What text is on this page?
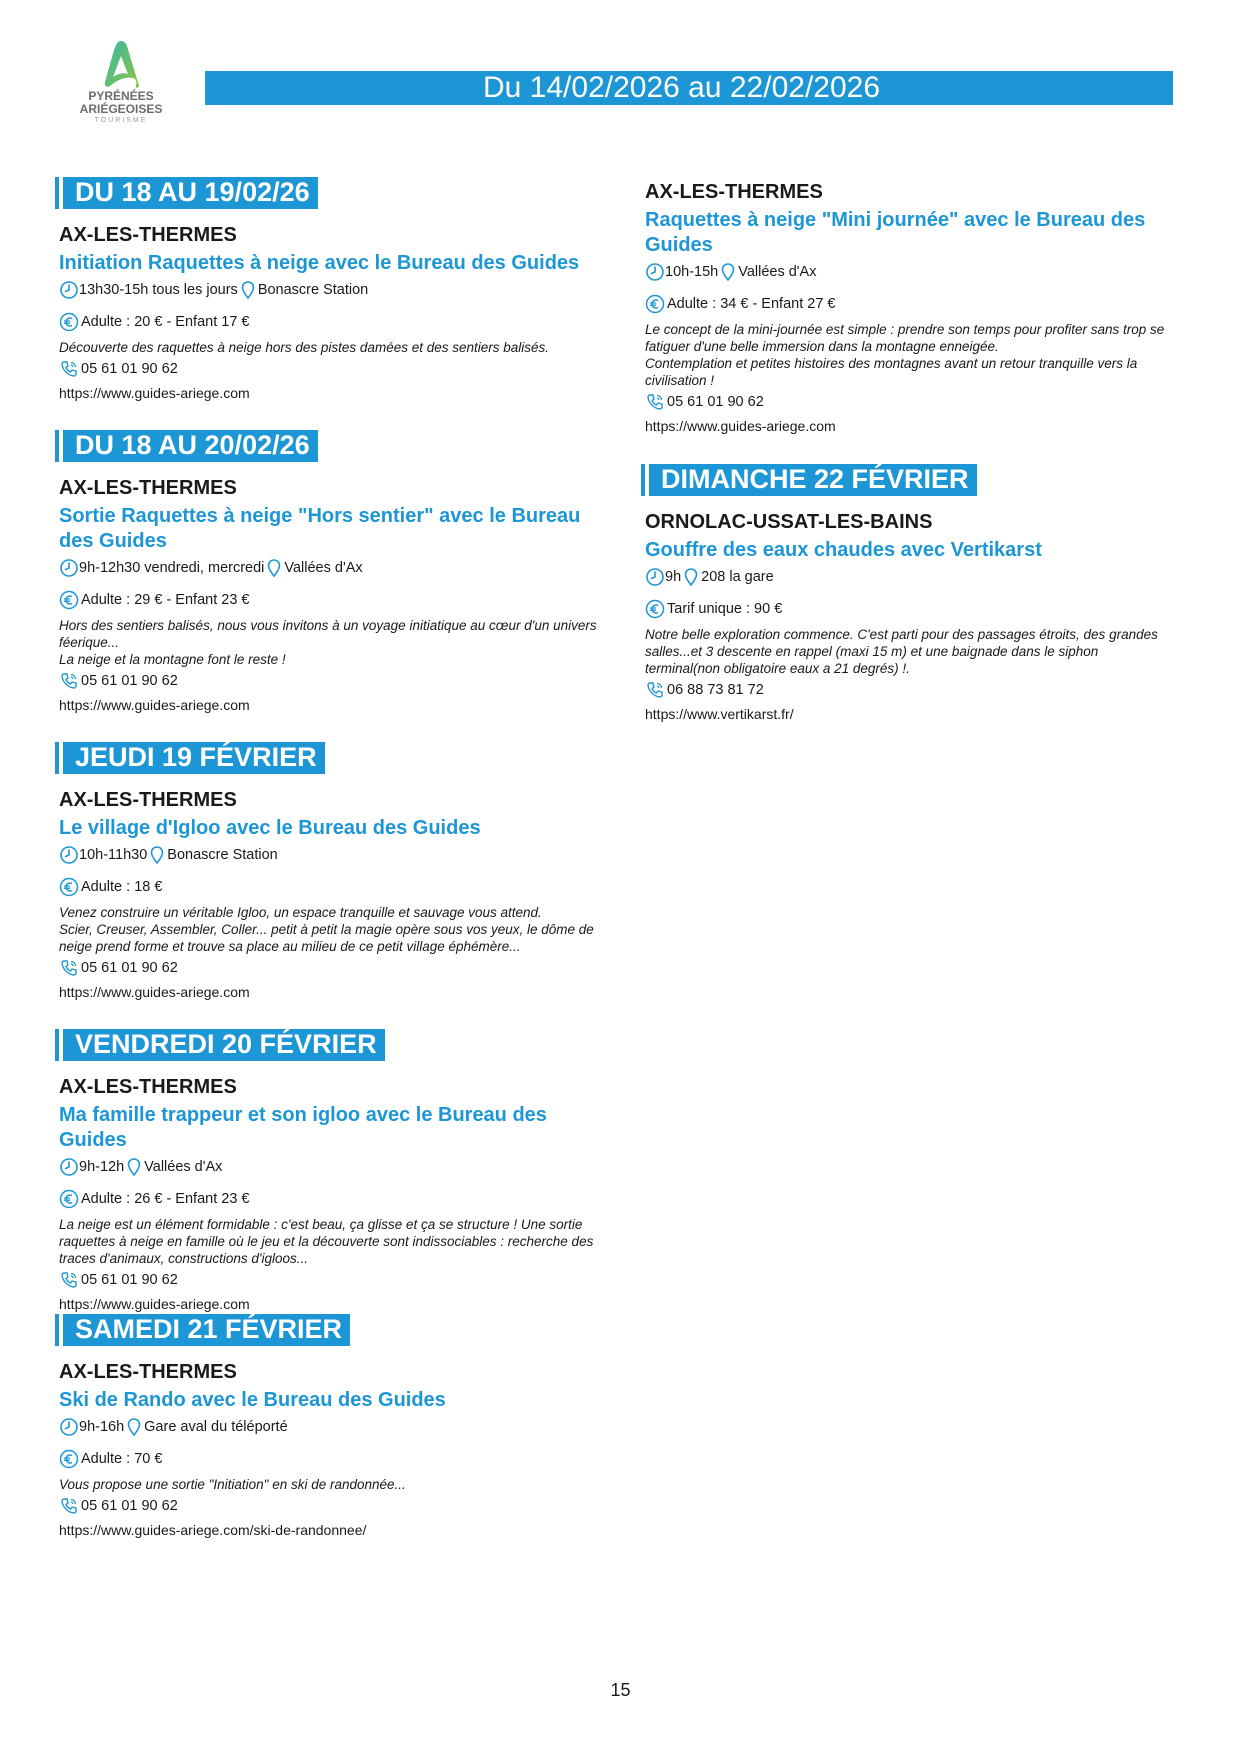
PYRÉNÉES
ARIÉGEOISES
TOURISME
Du 14/02/2026 au 22/02/2026
DU 18 AU 19/02/26
AX-LES-THERMES
Initiation Raquettes à neige avec le Bureau des Guides
13h30-15h tous les jours Bonascre Station
Adulte : 20 € - Enfant 17 €
Découverte des raquettes à neige hors des pistes damées et des sentiers balisés.
05 61 01 90 62
https://www.guides-ariege.com
DU 18 AU 20/02/26
AX-LES-THERMES
Sortie Raquettes à neige "Hors sentier" avec le Bureau des Guides
9h-12h30 vendredi, mercredi Vallées d'Ax
Adulte : 29 € - Enfant 23 €
Hors des sentiers balisés, nous vous invitons à un voyage initiatique au cœur d'un univers féerique...
La neige et la montagne font le reste !
05 61 01 90 62
https://www.guides-ariege.com
JEUDI 19 FÉVRIER
AX-LES-THERMES
Le village d'Igloo avec le Bureau des Guides
10h-11h30 Bonascre Station
Adulte : 18 €
Venez construire un véritable Igloo, un espace tranquille et sauvage vous attend.
Scier, Creuser, Assembler, Coller... petit à petit la magie opère sous vos yeux, le dôme de neige prend forme et trouve sa place au milieu de ce petit village éphémère...
05 61 01 90 62
https://www.guides-ariege.com
VENDREDI 20 FÉVRIER
AX-LES-THERMES
Ma famille trappeur et son igloo avec le Bureau des Guides
9h-12h Vallées d'Ax
Adulte : 26 € - Enfant 23 €
La neige est un élément formidable : c'est beau, ça glisse et ça se structure ! Une sortie raquettes à neige en famille où le jeu et la découverte sont indissociables : recherche des traces d'animaux, constructions d'igloos...
05 61 01 90 62
https://www.guides-ariege.com
SAMEDI 21 FÉVRIER
AX-LES-THERMES
Ski de Rando avec le Bureau des Guides
9h-16h Gare aval du téléporté
Adulte : 70 €
Vous propose une sortie "Initiation" en ski de randonnée...
05 61 01 90 62
https://www.guides-ariege.com/ski-de-randonnee/
AX-LES-THERMES
Raquettes à neige "Mini journée" avec le Bureau des Guides
10h-15h Vallées d'Ax
Adulte : 34 € - Enfant 27 €
Le concept de la mini-journée est simple : prendre son temps pour profiter sans trop se fatiguer d'une belle immersion dans la montagne enneigée.
Contemplation et petites histoires des montagnes avant un retour tranquille vers la civilisation !
05 61 01 90 62
https://www.guides-ariege.com
DIMANCHE 22 FÉVRIER
ORNOLAC-USSAT-LES-BAINS
Gouffre des eaux chaudes avec Vertikarst
9h 208 la gare
Tarif unique : 90 €
Notre belle exploration commence. C'est parti pour des passages étroits, des grandes salles...et 3 descente en rappel (maxi 15 m) et une baignade dans le siphon terminal(non obligatoire eaux a 21 degrés) !.
06 88 73 81 72
https://www.vertikarst.fr/
15
